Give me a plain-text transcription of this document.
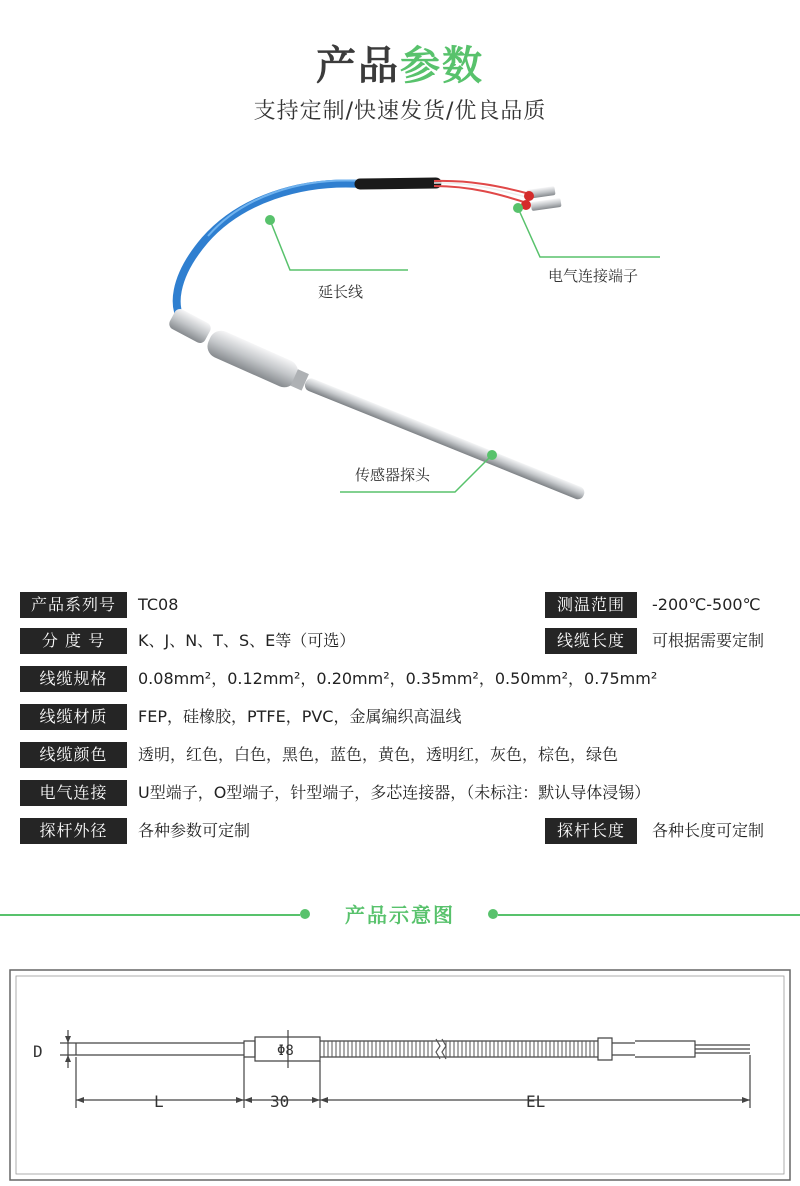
产品参数
支持定制/快速发货/优良品质
延长线
电气连接端子
传感器探头
产品系列号	TC08	测温范围	-200℃-500℃
分 度 号	K、J、N、T、S、E等（可选）	线缆长度	可根据需要定制
线缆规格	0.08mm²，0.12mm²，0.20mm²，0.35mm²，0.50mm²，0.75mm²
线缆材质	FEP，硅橡胶，PTFE，PVC，金属编织高温线
线缆颜色	透明，红色，白色，黑色，蓝色，黄色，透明红，灰色，棕色，绿色
电气连接	U型端子，O型端子，针型端子，多芯连接器，（未标注：默认导体浸锡）
探杆外径	各种参数可定制	探杆长度	各种长度可定制
产品示意图
D	Φ8
L	30	EL
